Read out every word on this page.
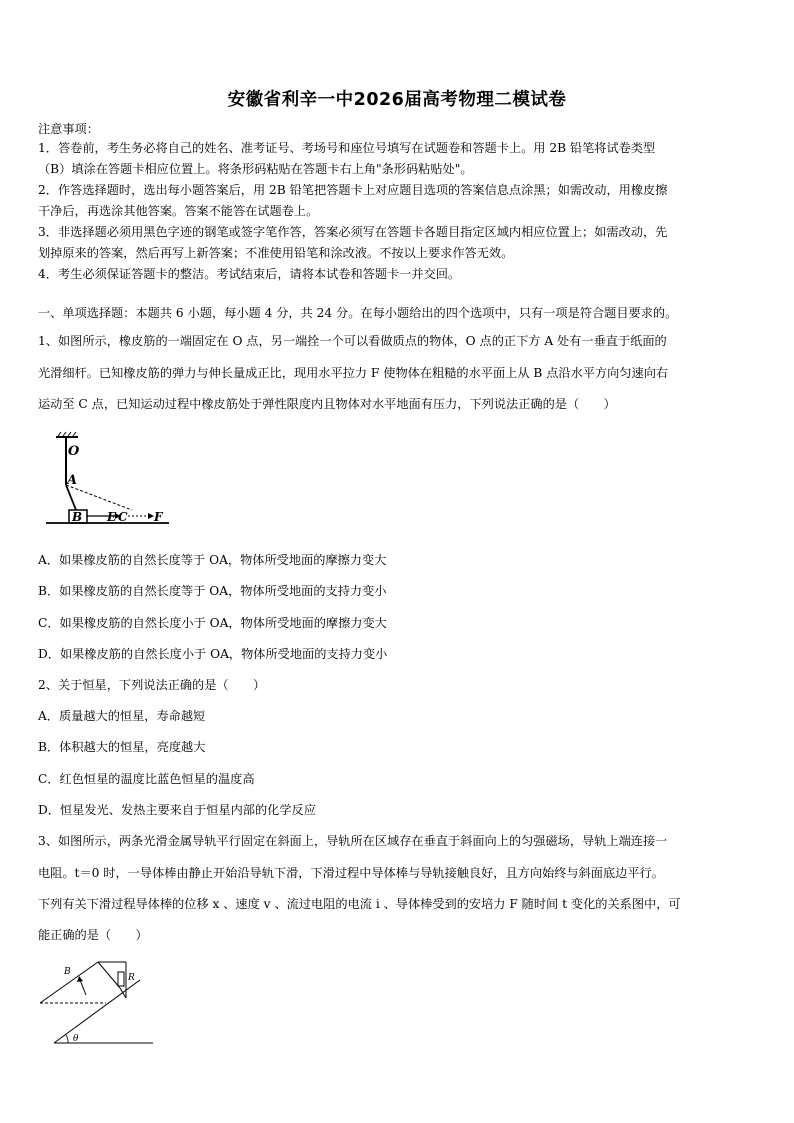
安徽省利辛一中2026届高考物理二模试卷
注意事项：
1．答卷前，考生务必将自己的姓名、准考证号、考场号和座位号填写在试题卷和答题卡上。用 2B 铅笔将试卷类型
（B）填涂在答题卡相应位置上。将条形码粘贴在答题卡右上角"条形码粘贴处"。
2．作答选择题时，选出每小题答案后，用 2B 铅笔把答题卡上对应题目选项的答案信息点涂黑；如需改动，用橡皮擦
干净后，再选涂其他答案。答案不能答在试题卷上。
3．非选择题必须用黑色字迹的钢笔或签字笔作答，答案必须写在答题卡各题目指定区域内相应位置上；如需改动，先
划掉原来的答案，然后再写上新答案；不准使用铅笔和涂改液。不按以上要求作答无效。
4．考生必须保证答题卡的整洁。考试结束后，请将本试卷和答题卡一并交回。
一、单项选择题：本题共 6 小题，每小题 4 分，共 24 分。在每小题给出的四个选项中，只有一项是符合题目要求的。
1、如图所示，橡皮筋的一端固定在 O 点，另一端拴一个可以看做质点的物体，O 点的正下方 A 处有一垂直于纸面的
光滑细杆。已知橡皮筋的弹力与伸长量成正比，现用水平拉力 F 使物体在粗糙的水平面上从 B 点沿水平方向匀速向右
运动至 C 点，已知运动过程中橡皮筋处于弹性限度内且物体对水平地面有压力，下列说法正确的是（　　）
O
A
B E C F
A．如果橡皮筋的自然长度等于 OA，物体所受地面的摩擦力变大
B．如果橡皮筋的自然长度等于 OA，物体所受地面的支持力变小
C．如果橡皮筋的自然长度小于 OA，物体所受地面的摩擦力变大
D．如果橡皮筋的自然长度小于 OA，物体所受地面的支持力变小
2、关于恒星，下列说法正确的是（　　）
A．质量越大的恒星，寿命越短
B．体积越大的恒星，亮度越大
C．红色恒星的温度比蓝色恒星的温度高
D．恒星发光、发热主要来自于恒星内部的化学反应
3、如图所示，两条光滑金属导轨平行固定在斜面上，导轨所在区域存在垂直于斜面向上的匀强磁场，导轨上端连接一
电阻。t＝0 时，一导体棒由静止开始沿导轨下滑，下滑过程中导体棒与导轨接触良好，且方向始终与斜面底边平行。
下列有关下滑过程导体棒的位移 x 、速度 v 、流过电阻的电流 i 、导体棒受到的安培力 F 随时间 t 变化的关系图中，可
能正确的是（　　）
B
R
θ
